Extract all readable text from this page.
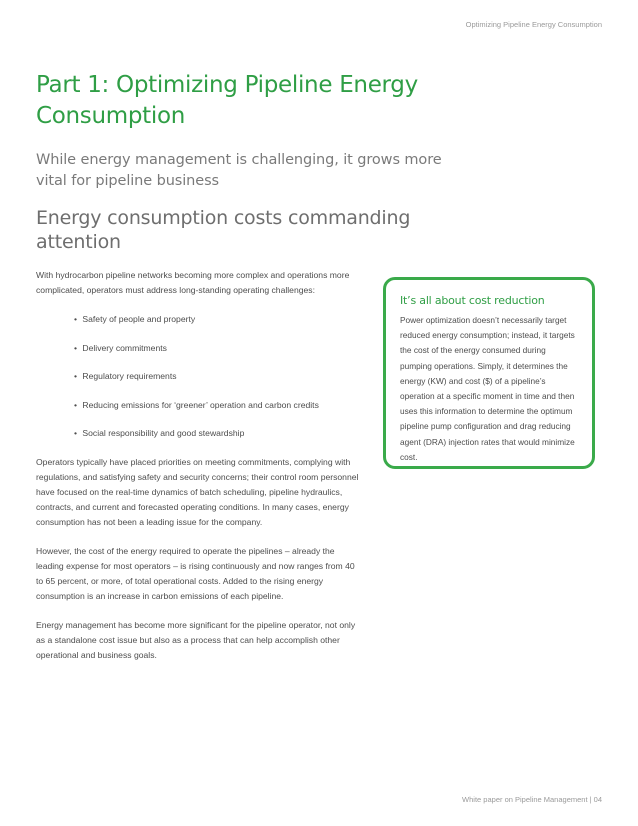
Optimizing Pipeline Energy Consumption
Part 1: Optimizing Pipeline Energy Consumption
While energy management is challenging, it grows more vital for pipeline business
Energy consumption costs commanding attention

With hydrocarbon pipeline networks becoming more complex and operations more complicated, operators must address long-standing operating challenges:

• Safety of people and property
• Delivery commitments
• Regulatory requirements
• Reducing emissions for ‘greener’ operation and carbon credits
• Social responsibility and good stewardship

Operators typically have placed priorities on meeting commitments, complying with regulations, and satisfying safety and security concerns; their control room personnel have focused on the real-time dynamics of batch scheduling, pipeline hydraulics, contracts, and current and forecasted operating conditions. In many cases, energy consumption has not been a leading issue for the company.

However, the cost of the energy required to operate the pipelines – already the leading expense for most operators – is rising continuously and now ranges from 40 to 65 percent, or more, of total operational costs. Added to the rising energy consumption is an increase in carbon emissions of each pipeline.

Energy management has become more significant for the pipeline operator, not only as a standalone cost issue but also as a process that can help accomplish other operational and business goals.

It’s all about cost reduction

Power optimization doesn’t necessarily target reduced energy consumption; instead, it targets the cost of the energy consumed during pumping operations. Simply, it determines the energy (KW) and cost ($) of a pipeline’s operation at a specific moment in time and then uses this information to determine the optimum pipeline pump configuration and drag reducing agent (DRA) injection rates that would minimize cost.

White paper on Pipeline Management | 04
